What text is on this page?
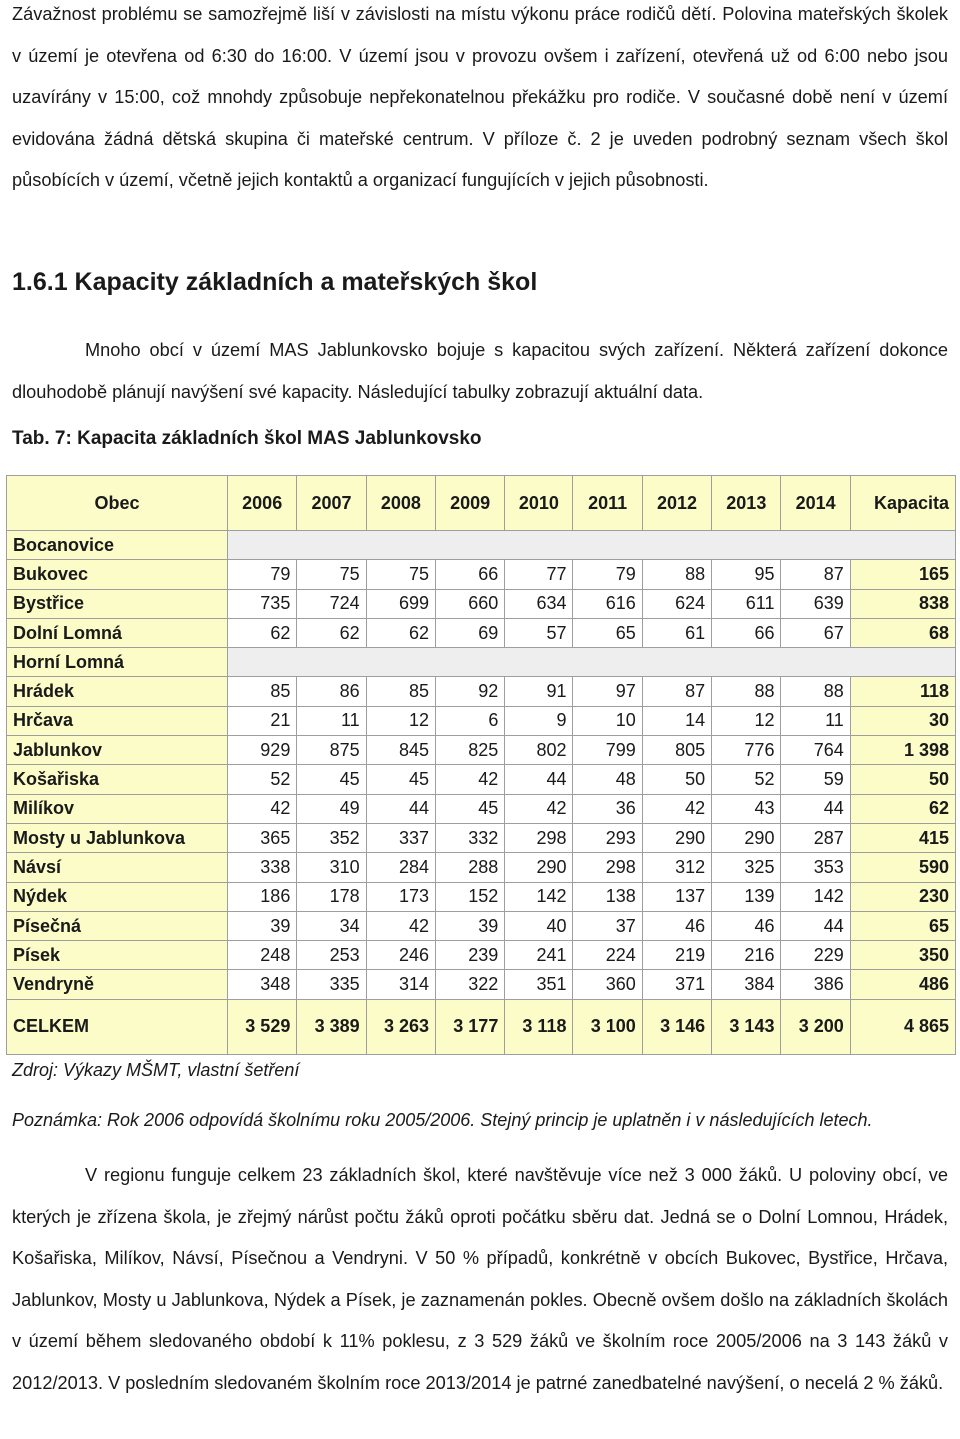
Závažnost problému se samozřejmě liší v závislosti na místu výkonu práce rodičů dětí. Polovina mateřských školek v území je otevřena od 6:30 do 16:00. V území jsou v provozu ovšem i zařízení, otevřená už od 6:00 nebo jsou uzavírány v 15:00, což mnohdy způsobuje nepřekonatelnou překážku pro rodiče. V současné době není v území evidována žádná dětská skupina či mateřské centrum. V příloze č. 2 je uveden podrobný seznam všech škol působících v území, včetně jejich kontaktů a organizací fungujících v jejich působnosti.

1.6.1 Kapacity základních a mateřských škol

Mnoho obcí v území MAS Jablunkovsko bojuje s kapacitou svých zařízení. Některá zařízení dokonce dlouhodobě plánují navýšení své kapacity. Následující tabulky zobrazují aktuální data.

Tab. 7: Kapacita základních škol MAS Jablunkovsko

Obec	2006	2007	2008	2009	2010	2011	2012	2013	2014	Kapacita
Bocanovice										
Bukovec	79	75	75	66	77	79	88	95	87	165
Bystřice	735	724	699	660	634	616	624	611	639	838
Dolní Lomná	62	62	62	69	57	65	61	66	67	68
Horní Lomná										
Hrádek	85	86	85	92	91	97	87	88	88	118
Hrčava	21	11	12	6	9	10	14	12	11	30
Jablunkov	929	875	845	825	802	799	805	776	764	1 398
Košařiska	52	45	45	42	44	48	50	52	59	50
Milíkov	42	49	44	45	42	36	42	43	44	62
Mosty u Jablunkova	365	352	337	332	298	293	290	290	287	415
Návsí	338	310	284	288	290	298	312	325	353	590
Nýdek	186	178	173	152	142	138	137	139	142	230
Písečná	39	34	42	39	40	37	46	46	44	65
Písek	248	253	246	239	241	224	219	216	229	350
Vendryně	348	335	314	322	351	360	371	384	386	486
CELKEM	3 529	3 389	3 263	3 177	3 118	3 100	3 146	3 143	3 200	4 865

Zdroj: Výkazy MŠMT, vlastní šetření

Poznámka: Rok 2006 odpovídá školnímu roku 2005/2006. Stejný princip je uplatněn i v následujících letech.

V regionu funguje celkem 23 základních škol, které navštěvuje více než 3 000 žáků. U poloviny obcí, ve kterých je zřízena škola, je zřejmý nárůst počtu žáků oproti počátku sběru dat. Jedná se o Dolní Lomnou, Hrádek, Košařiska, Milíkov, Návsí, Písečnou a Vendryni. V 50 % případů, konkrétně v obcích Bukovec, Bystřice, Hrčava, Jablunkov, Mosty u Jablunkova, Nýdek a Písek, je zaznamenán pokles. Obecně ovšem došlo na základních školách v území během sledovaného období k 11% poklesu, z 3 529 žáků ve školním roce 2005/2006 na 3 143 žáků v 2012/2013. V posledním sledovaném školním roce 2013/2014 je patrné zanedbatelné navýšení, o necelá 2 % žáků.
